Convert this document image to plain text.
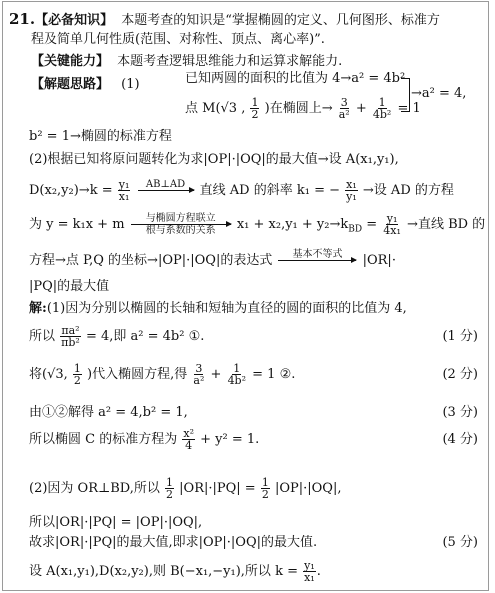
21.【必备知识】 本题考查的知识是“掌握椭圆的定义、几何图形、标准方
程及简单几何性质(范围、对称性、顶点、离心率)”.
【关键能力】 本题考查逻辑思维能力和运算求解能力.
【解题思路】 (1)	已知两圆的面积的比值为 4→a² = 4b²
点 M(√3 , $\frac{1}{2}$ )在椭圆上→ $\frac{3}{\text{a²}} + \frac{1}{\text{4b²}} = 1$
→a² = 4,
b² = 1→椭圆的标准方程
(2)根据已知将原问题转化为求|OP|·|OQ|的最大值→设 A(x₁,y₁),
$D(x_2,y_2)\to k = \frac{\text{y₁}}{\text{x₁}}$
AB⊥AD
直线 AD 的斜率 k₁ = − $\frac{\text{x₁}}{\text{y₁}}$ →设 AD 的方程
为 y = k₁x + m 与椭圆方程联立
根与系数的关系 $x_1 + x_2,y_1 + y_2\to k_{BD} = \frac{\text{y₁}}{\text{4x₁}}$ →直线 BD 的
方程→点 P,Q 的坐标→|OP|·|OQ|的表达式 基本不等式
|OR|·
|PQ|的最大值
解:(1)因为分别以椭圆的长轴和短轴为直径的圆的面积的比值为 4,
所以 $\frac{\text{πa²}}{\text{πb²}} = 4$,即 a² = 4b² ①.	(1 分)
将(√3, $\frac{1}{2}$ )代入椭圆方程,得 $\frac{3}{\text{a²}} + \frac{1}{\text{4b²}} = 1$ ②.	(2 分)
由①②解得 a² = 4,b² = 1,	(3 分)
所以椭圆 C 的标准方程为 $\frac{\text{x²}}{4} + y^2 = 1$.	(4 分)
(2)因为 OR⊥BD,所以 $\frac{1}{2} |OR|\cdot|PQ| = \frac{1}{2} |OP|\cdot|OQ|$,
所以|OR|·|PQ| = |OP|·|OQ|,
故求|OR|·|PQ|的最大值,即求|OP|·|OQ|的最大值.	(5 分)
设 A(x₁,y₁),D(x₂,y₂),则 B(−x₁,−y₁),所以 $k = \frac{\text{y₁}}{\text{x₁}}$ .
